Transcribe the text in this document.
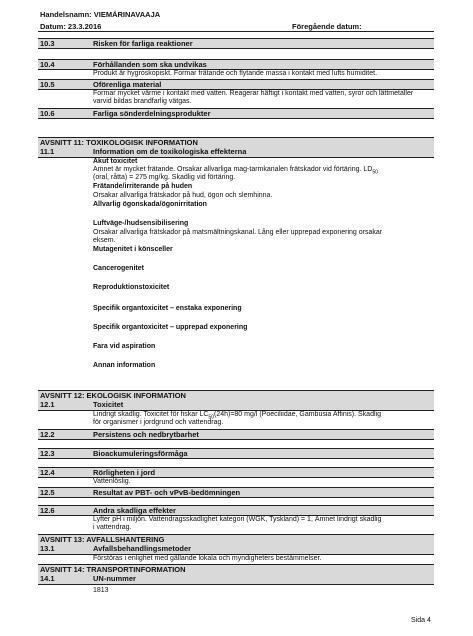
Handelsnamn: VIEMÄRINAVAAJA
Datum: 23.3.2016	Föregående datum:
10.3	Risken för farliga reaktioner
10.4	Förhållanden som ska undvikas
Produkt är hygroskopiskt. Formar frätande och flytande massa i kontakt med lufts humiditet.
10.5	Oförenliga material
Formar mycket värme i kontakt med vatten. Reagerar häftigt i kontakt med vatten, syror och lättmetaller varvid bildas brandfarlig vätgas.
10.6	Farliga sönderdelningsprodukter
AVSNITT 11: TOXIKOLOGISK INFORMATION
11.1	Information om de toxikologiska effekterna
Akut toxicitet
Amnet är mycket frätande. Orsakar allvarliga mag-tarmkanalen frätskador vid förtäring. $LD_{50}$
(oral, råtta) = 275 mg/kg. Skadlig vid förtäring.
Frätande/irriterande på huden
Orsakar allvarliga frätskador på hud, ögon och slemhinna.
Allvarlig ögonskada/ögonirritation
Luftväge-/hudsensibilisering
Orsakar allvarliga frätskador på matsmältningskanal. Lång eller upprepad exponering orsakar
eksem.
Mutagenitet i könsceller
Cancerogenitet
Reproduktionstoxicitet
Specifik organtoxicitet – enstaka exponering
Specifik organtoxicitet – upprepad exponering
Fara vid aspiration
Annan information
AVSNITT 12: EKOLOGISK INFORMATION
12.1	Toxicitet
Lindrigt skadlig. Toxicitet för fiskar $LC_{50}(24h)=80$ mg/l (Poeciliidae, Gambusia Affinis). Skadlig
för organismer i jordgrund och vattendrag.
12.2	Persistens och nedbrytbarhet
12.3	Bioackumuleringsförmåga
12.4	Rörligheten i jord
Vattenlöslig.
12.5	Resultat av PBT- och vPvB-bedömningen
12.6	Andra skadliga effekter
Lyfter pH i miljön. Vattendragsskadlighet kategori (WGK, Tyskland) = 1, Ämnet lindrigt skadlig
i vattendrag.
AVSNITT 13: AVFALLSHANTERING
13.1	Avfallsbehandlingsmetoder
Förstöras i enlighet med gällande lokala och myndigheters bestämmelser.
AVSNITT 14: TRANSPORTINFORMATION
14.1	UN-nummer
1813
Sida 4
